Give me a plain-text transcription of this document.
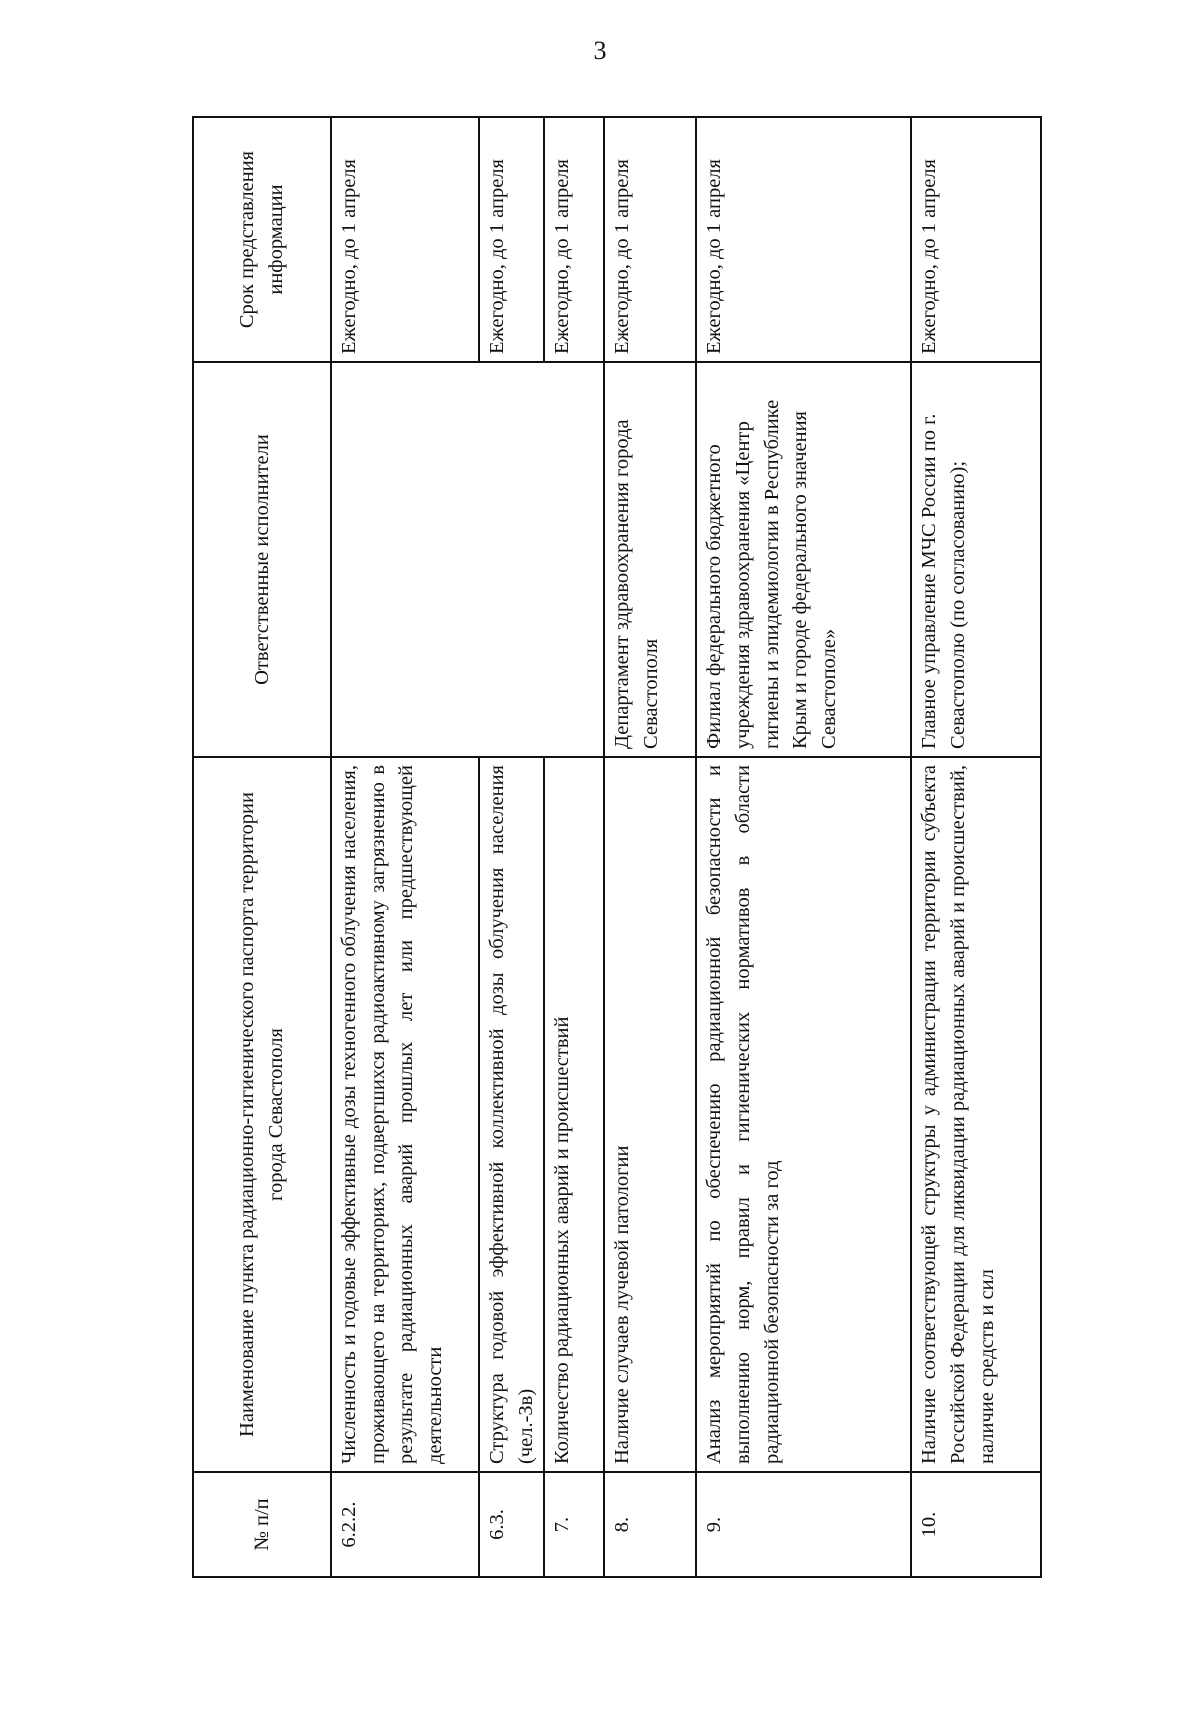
3
№ п/п	Наименование пункта радиационно-гигиенического паспорта территории города Севастополя	Ответственные исполнители	Срок представления информации
6.2.2.	Численность и годовые эффективные дозы техногенного облучения населения, проживающего на территориях, подвергшихся радиоактивному загрязнению в результате радиационных аварий прошлых лет или предшествующей деятельности		Ежегодно, до 1 апреля
6.3.	Структура годовой эффективной коллективной дозы облучения населения (чел.-Зв)		Ежегодно, до 1 апреля
7.	Количество радиационных аварий и происшествий		Ежегодно, до 1 апреля
8.	Наличие случаев лучевой патологии	Департамент здравоохранения города Севастополя	Ежегодно, до 1 апреля
9.	Анализ мероприятий по обеспечению радиационной безопасности и выполнению норм, правил и гигиенических нормативов в области радиационной безопасности за год	Филиал федерального бюджетного учреждения здравоохранения «Центр гигиены и эпидемиологии в Республике Крым и городе федерального значения Севастополе»	Ежегодно, до 1 апреля
10.	Наличие соответствующей структуры у администрации территории субъекта Российской Федерации для ликвидации радиационных аварий и происшествий, наличие средств и сил	Главное управление МЧС России по г. Севастополю (по согласованию);	Ежегодно, до 1 апреля
